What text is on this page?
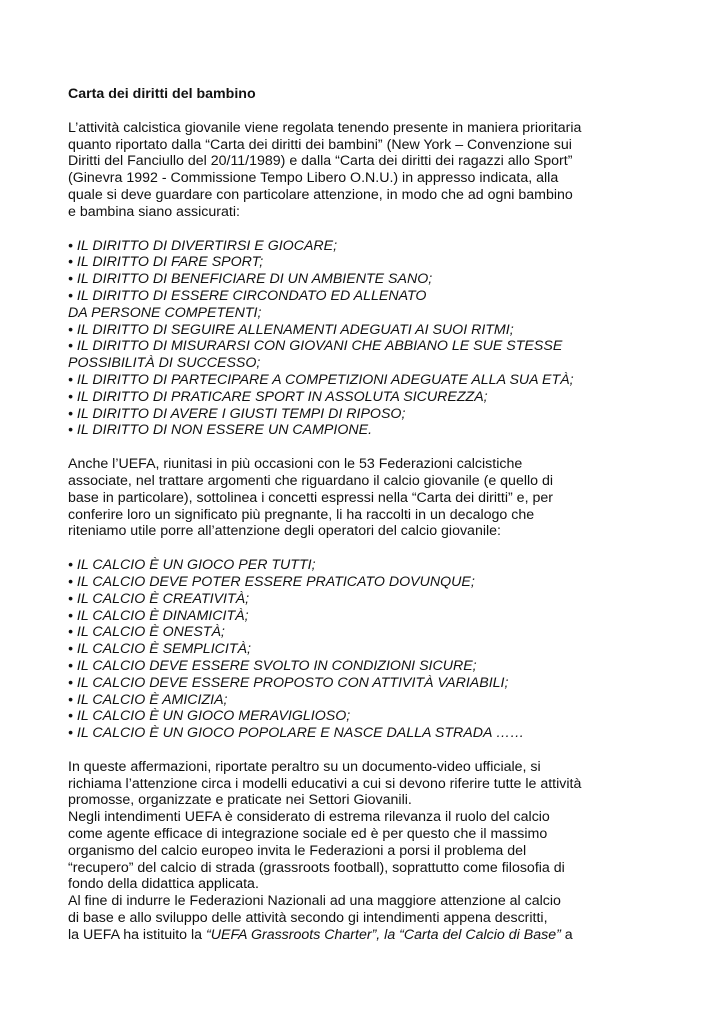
Carta dei diritti del bambino
L’attività calcistica giovanile viene regolata tenendo presente in maniera prioritaria
quanto riportato dalla “Carta dei diritti dei bambini” (New York – Convenzione sui
Diritti del Fanciullo del 20/11/1989) e dalla “Carta dei diritti dei ragazzi allo Sport”
(Ginevra 1992 - Commissione Tempo Libero O.N.U.) in appresso indicata, alla
quale si deve guardare con particolare attenzione, in modo che ad ogni bambino
e bambina siano assicurati:
• IL DIRITTO DI DIVERTIRSI E GIOCARE;
• IL DIRITTO DI FARE SPORT;
• IL DIRITTO DI BENEFICIARE DI UN AMBIENTE SANO;
• IL DIRITTO DI ESSERE CIRCONDATO ED ALLENATO
DA PERSONE COMPETENTI;
• IL DIRITTO DI SEGUIRE ALLENAMENTI ADEGUATI AI SUOI RITMI;
• IL DIRITTO DI MISURARSI CON GIOVANI CHE ABBIANO LE SUE STESSE
POSSIBILITÀ DI SUCCESSO;
• IL DIRITTO DI PARTECIPARE A COMPETIZIONI ADEGUATE ALLA SUA ETÀ;
• IL DIRITTO DI PRATICARE SPORT IN ASSOLUTA SICUREZZA;
• IL DIRITTO DI AVERE I GIUSTI TEMPI DI RIPOSO;
• IL DIRITTO DI NON ESSERE UN CAMPIONE.
Anche l’UEFA, riunitasi in più occasioni con le 53 Federazioni calcistiche
associate, nel trattare argomenti che riguardano il calcio giovanile (e quello di
base in particolare), sottolinea i concetti espressi nella “Carta dei diritti” e, per
conferire loro un significato più pregnante, li ha raccolti in un decalogo che
riteniamo utile porre all’attenzione degli operatori del calcio giovanile:
• IL CALCIO È UN GIOCO PER TUTTI;
• IL CALCIO DEVE POTER ESSERE PRATICATO DOVUNQUE;
• IL CALCIO È CREATIVITÀ;
• IL CALCIO È DINAMICITÀ;
• IL CALCIO È ONESTÀ;
• IL CALCIO È SEMPLICITÀ;
• IL CALCIO DEVE ESSERE SVOLTO IN CONDIZIONI SICURE;
• IL CALCIO DEVE ESSERE PROPOSTO CON ATTIVITÀ VARIABILI;
• IL CALCIO È AMICIZIA;
• IL CALCIO È UN GIOCO MERAVIGLIOSO;
• IL CALCIO È UN GIOCO POPOLARE E NASCE DALLA STRADA ……
In queste affermazioni, riportate peraltro su un documento-video ufficiale, si
richiama l’attenzione circa i modelli educativi a cui si devono riferire tutte le attività
promosse, organizzate e praticate nei Settori Giovanili.
Negli intendimenti UEFA è considerato di estrema rilevanza il ruolo del calcio
come agente efficace di integrazione sociale ed è per questo che il massimo
organismo del calcio europeo invita le Federazioni a porsi il problema del
“recupero” del calcio di strada (grassroots football), soprattutto come filosofia di
fondo della didattica applicata.
Al fine di indurre le Federazioni Nazionali ad una maggiore attenzione al calcio
di base e allo sviluppo delle attività secondo gi intendimenti appena descritti,
la UEFA ha istituito la “UEFA Grassroots Charter”, la “Carta del Calcio di Base” a
